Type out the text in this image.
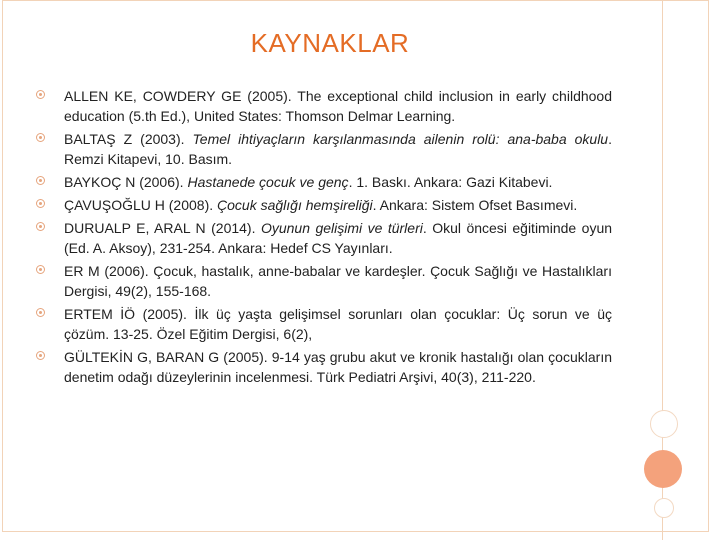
KAYNAKLAR
ALLEN KE, COWDERY GE (2005). The exceptional child inclusion in early childhood education (5.th Ed.), United States: Thomson Delmar Learning.
BALTAŞ Z (2003). Temel ihtiyaçların karşılanmasında ailenin rolü: ana-baba okulu. Remzi Kitapevi, 10. Basım.
BAYKOÇ N (2006). Hastanede çocuk ve genç. 1. Baskı. Ankara: Gazi Kitabevi.
ÇAVUŞOĞLU H (2008). Çocuk sağlığı hemşireliği. Ankara: Sistem Ofset Basımevi.
DURUALP E, ARAL N (2014). Oyunun gelişimi ve türleri. Okul öncesi eğitiminde oyun (Ed. A. Aksoy), 231-254. Ankara: Hedef CS Yayınları.
ER M (2006). Çocuk, hastalık, anne-babalar ve kardeşler. Çocuk Sağlığı ve Hastalıkları Dergisi, 49(2), 155-168.
ERTEM İÖ (2005). İlk üç yaşta gelişimsel sorunları olan çocuklar: Üç sorun ve üç çözüm. 13-25. Özel Eğitim Dergisi, 6(2),
GÜLTEKİN G, BARAN G (2005). 9-14 yaş grubu akut ve kronik hastalığı olan çocukların denetim odağı düzeylerinin incelenmesi. Türk Pediatri Arşivi, 40(3), 211-220.
